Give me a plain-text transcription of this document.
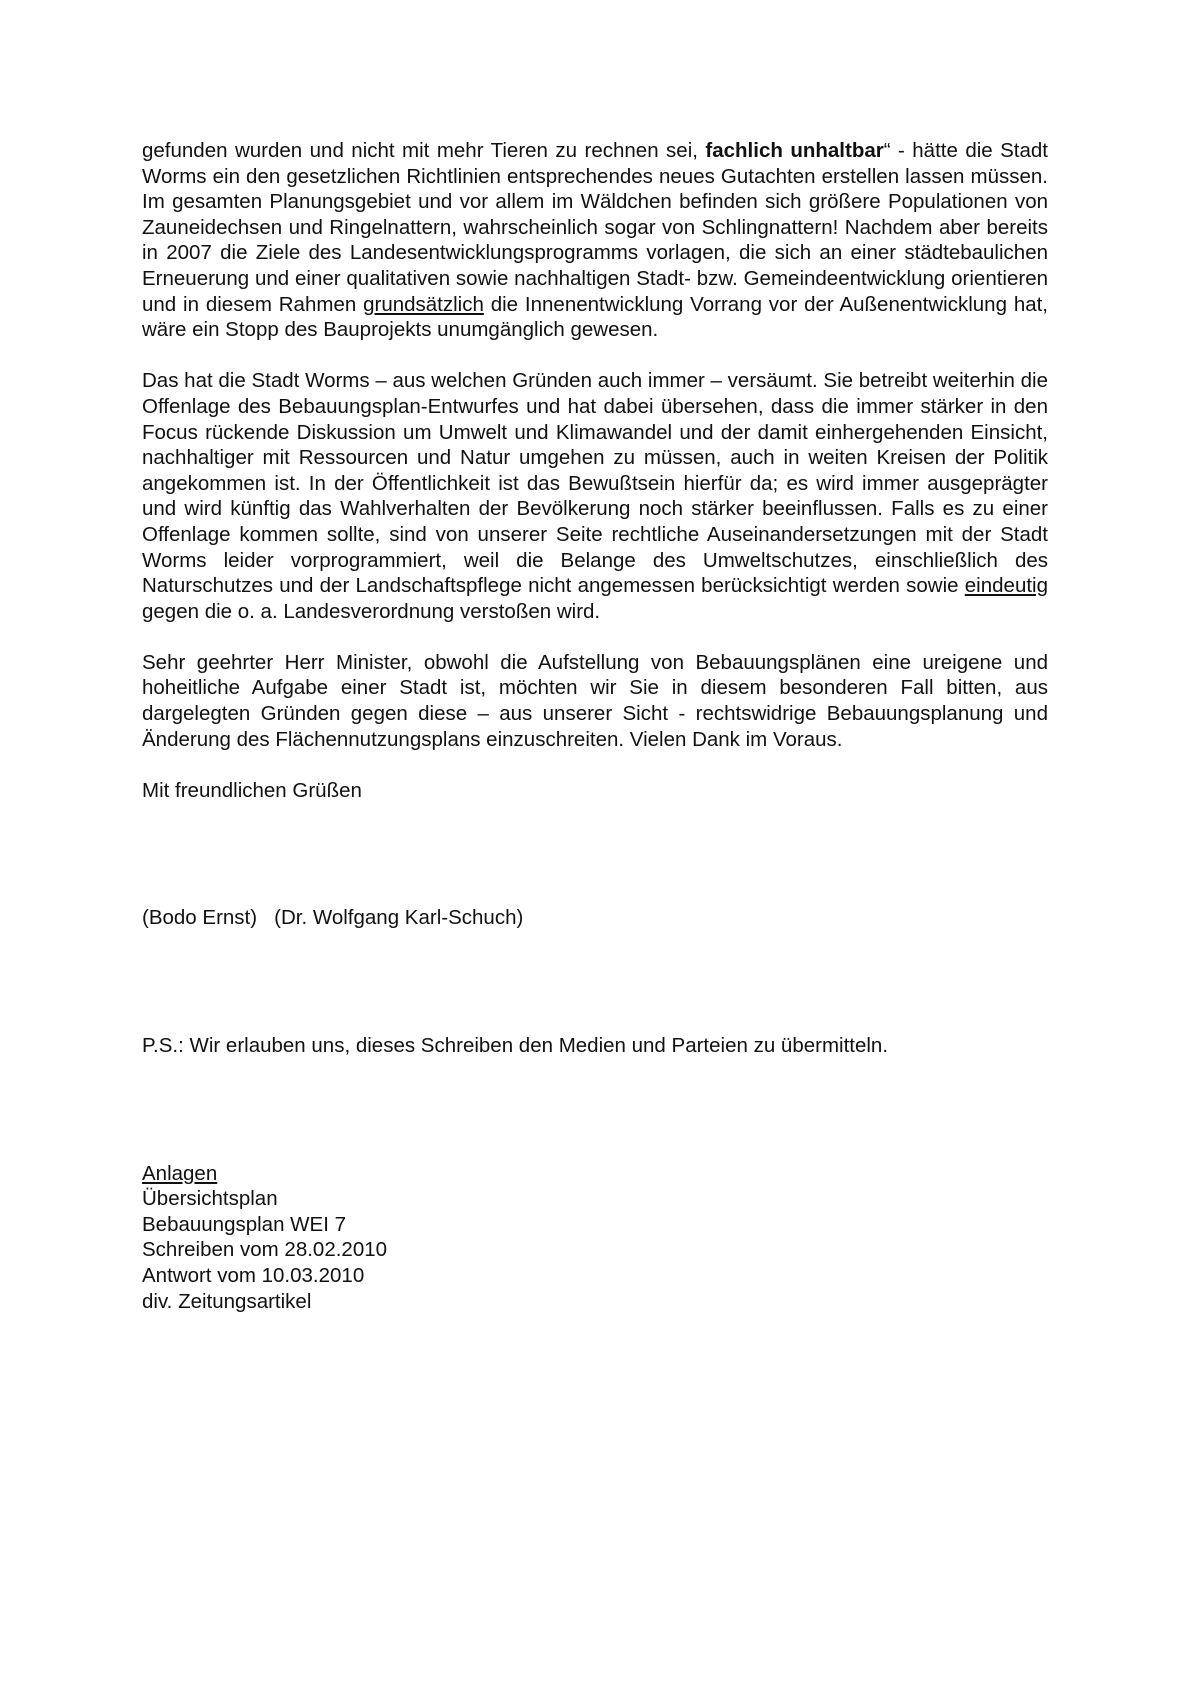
gefunden wurden und nicht mit mehr Tieren zu rechnen sei, fachlich unhaltbar“ - hätte die Stadt Worms ein den gesetzlichen Richtlinien entsprechendes neues Gutachten erstellen lassen müssen. Im gesamten Planungsgebiet und vor allem im Wäldchen befinden sich größere Populationen von Zauneidechsen und Ringelnattern, wahrscheinlich sogar von Schlingnattern! Nachdem aber bereits in 2007 die Ziele des Landesentwicklungsprogramms vorlagen, die sich an einer städtebaulichen Erneuerung und einer qualitativen sowie nachhaltigen Stadt- bzw. Gemeindeentwicklung orientieren und in diesem Rahmen grundsätzlich die Innenentwicklung Vorrang vor der Außenentwicklung hat, wäre ein Stopp des Bauprojekts unumgänglich gewesen.

Das hat die Stadt Worms – aus welchen Gründen auch immer – versäumt. Sie betreibt weiterhin die Offenlage des Bebauungsplan-Entwurfes und hat dabei übersehen, dass die immer stärker in den Focus rückende Diskussion um Umwelt und Klimawandel und der damit einhergehenden Einsicht, nachhaltiger mit Ressourcen und Natur umgehen zu müssen, auch in weiten Kreisen der Politik angekommen ist. In der Öffentlichkeit ist das Bewußtsein hierfür da; es wird immer ausgeprägter und wird künftig das Wahlverhalten der Bevölkerung noch stärker beeinflussen. Falls es zu einer Offenlage kommen sollte, sind von unserer Seite rechtliche Auseinandersetzungen mit der Stadt Worms leider vorprogrammiert, weil die Belange des Umweltschutzes, einschließlich des Naturschutzes und der Landschaftspflege nicht angemessen berücksichtigt werden sowie eindeutig gegen die o. a. Landesverordnung verstoßen wird.

Sehr geehrter Herr Minister, obwohl die Aufstellung von Bebauungsplänen eine ureigene und hoheitliche Aufgabe einer Stadt ist, möchten wir Sie in diesem besonderen Fall bitten, aus dargelegten Gründen gegen diese – aus unserer Sicht - rechtswidrige Bebauungsplanung und Änderung des Flächennutzungsplans einzuschreiten. Vielen Dank im Voraus.

Mit freundlichen Grüßen

(Bodo Ernst)   (Dr. Wolfgang Karl-Schuch)

P.S.: Wir erlauben uns, dieses Schreiben den Medien und Parteien zu übermitteln.

Anlagen
Übersichtsplan
Bebauungsplan WEI 7
Schreiben vom 28.02.2010
Antwort vom 10.03.2010
div. Zeitungsartikel
